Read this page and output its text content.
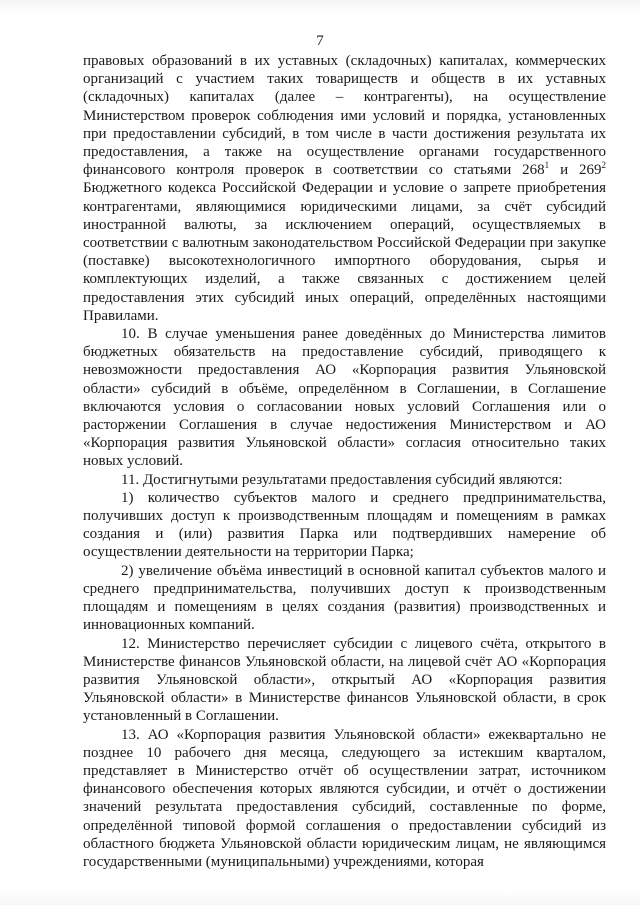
7

правовых образований в их уставных (складочных) капиталах, коммерческих организаций с участием таких товариществ и обществ в их уставных (складочных) капиталах (далее – контрагенты), на осуществление Министерством проверок соблюдения ими условий и порядка, установленных при предоставлении субсидий, в том числе в части достижения результата их предоставления, а также на осуществление органами государственного финансового контроля проверок в соответствии со статьями $268^1$ и $269^2$ Бюджетного кодекса Российской Федерации и условие о запрете приобретения контрагентами, являющимися юридическими лицами, за счёт субсидий иностранной валюты, за исключением операций, осуществляемых в соответствии с валютным законодательством Российской Федерации при закупке (поставке) высокотехнологичного импортного оборудования, сырья и комплектующих изделий, а также связанных с достижением целей предоставления этих субсидий иных операций, определённых настоящими Правилами.

10. В случае уменьшения ранее доведённых до Министерства лимитов бюджетных обязательств на предоставление субсидий, приводящего к невозможности предоставления АО «Корпорация развития Ульяновской области» субсидий в объёме, определённом в Соглашении, в Соглашение включаются условия о согласовании новых условий Соглашения или о расторжении Соглашения в случае недостижения Министерством и АО «Корпорация развития Ульяновской области» согласия относительно таких новых условий.

11. Достигнутыми результатами предоставления субсидий являются:

1) количество субъектов малого и среднего предпринимательства, получивших доступ к производственным площадям и помещениям в рамках создания и (или) развития Парка или подтвердивших намерение об осуществлении деятельности на территории Парка;

2) увеличение объёма инвестиций в основной капитал субъектов малого и среднего предпринимательства, получивших доступ к производственным площадям и помещениям в целях создания (развития) производственных и инновационных компаний.

12. Министерство перечисляет субсидии с лицевого счёта, открытого в Министерстве финансов Ульяновской области, на лицевой счёт АО «Корпорация развития Ульяновской области», открытый АО «Корпорация развития Ульяновской области» в Министерстве финансов Ульяновской области, в срок установленный в Соглашении.

13. АО «Корпорация развития Ульяновской области» ежеквартально не позднее 10 рабочего дня месяца, следующего за истекшим кварталом, представляет в Министерство отчёт об осуществлении затрат, источником финансового обеспечения которых являются субсидии, и отчёт о достижении значений результата предоставления субсидий, составленные по форме, определённой типовой формой соглашения о предоставлении субсидий из областного бюджета Ульяновской области юридическим лицам, не являющимся государственными (муниципальными) учреждениями, которая
